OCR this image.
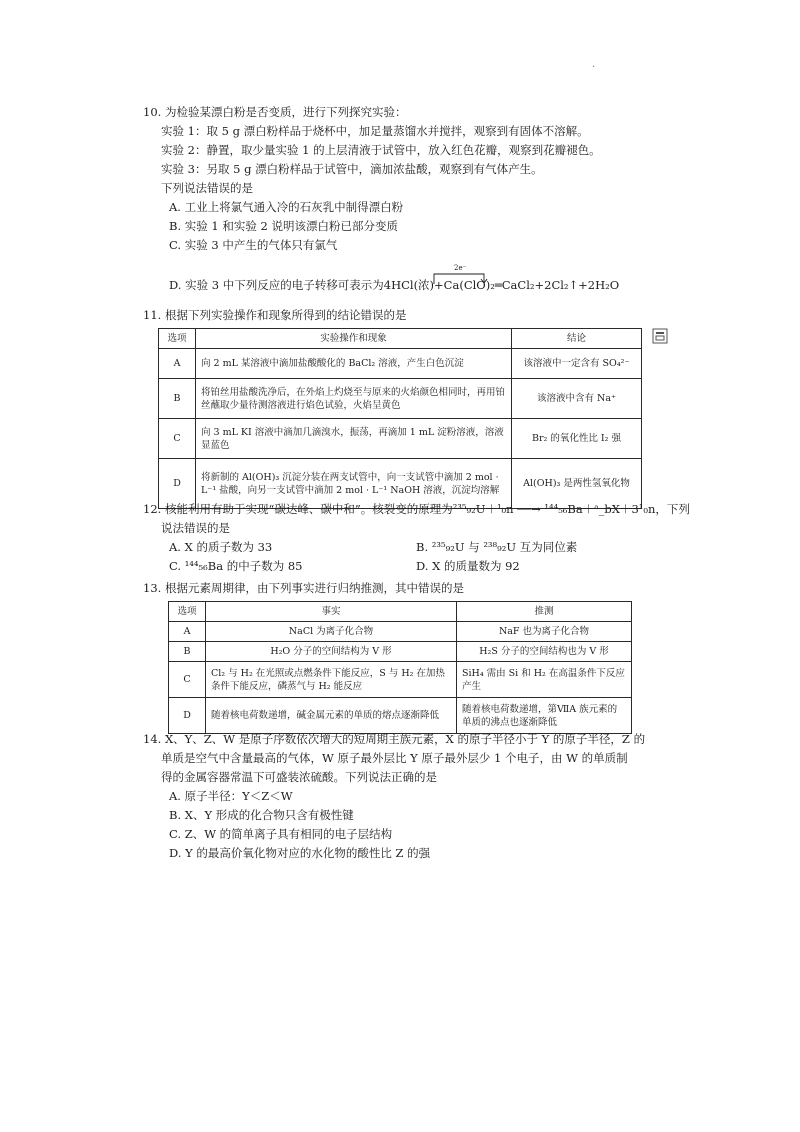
·
10. 为检验某漂白粉是否变质，进行下列探究实验：
实验 1：取 5 g 漂白粉样品于烧杯中，加足量蒸馏水并搅拌，观察到有固体不溶解。
实验 2：静置，取少量实验 1 的上层清液于试管中，放入红色花瓣，观察到花瓣褪色。
实验 3：另取 5 g 漂白粉样品于试管中，滴加浓盐酸，观察到有气体产生。
下列说法错误的是
A. 工业上将氯气通入冷的石灰乳中制得漂白粉
B. 实验 1 和实验 2 说明该漂白粉已部分变质
C. 实验 3 中产生的气体只有氯气
D. 实验 3 中下列反应的电子转移可表示为4HCl(浓)+Ca(ClO)₂═CaCl₂+2Cl₂↑+2H₂O
2e⁻
11. 根据下列实验操作和现象所得到的结论错误的是
选项	实验操作和现象	结论
A	向 2 mL 某溶液中滴加盐酸酸化的 BaCl₂ 溶液，产生白色沉淀	该溶液中一定含有 SO₄²⁻
B	将铂丝用盐酸洗净后，在外焰上灼烧至与原来的火焰颜色相同时，再用铂丝蘸取少量待测溶液进行焰色试验，火焰呈黄色	该溶液中含有 Na⁺
C	向 3 mL KI 溶液中滴加几滴溴水，振荡，再滴加 1 mL 淀粉溶液，溶液显蓝色	Br₂ 的氧化性比 I₂ 强
D	将新制的 Al(OH)₃ 沉淀分装在两支试管中，向一支试管中滴加 2 mol · L⁻¹ 盐酸，向另一支试管中滴加 2 mol · L⁻¹ NaOH 溶液，沉淀均溶解	Al(OH)₃ 是两性氢氧化物
12. 核能利用有助于实现“碳达峰、碳中和”。核裂变的原理为²³⁵₉₂U＋¹₀n ──→ ¹⁴⁴₅₆Ba＋ᵃ_bX＋3¹₀n，下列
说法错误的是
A. X 的质子数为 33	B. ²³⁵₉₂U 与 ²³⁸₉₂U 互为同位素
C. ¹⁴⁴₅₆Ba 的中子数为 85	D. X 的质量数为 92
13. 根据元素周期律，由下列事实进行归纳推测，其中错误的是
选项	事实	推测
A	NaCl 为离子化合物	NaF 也为离子化合物
B	H₂O 分子的空间结构为 V 形	H₂S 分子的空间结构也为 V 形
C	Cl₂ 与 H₂ 在光照或点燃条件下能反应，S 与 H₂ 在加热条件下能反应，磷蒸气与 H₂ 能反应	SiH₄ 需由 Si 和 H₂ 在高温条件下反应产生
D	随着核电荷数递增，碱金属元素的单质的熔点逐渐降低	随着核电荷数递增，第ⅦA 族元素的单质的沸点也逐渐降低
14. X、Y、Z、W 是原子序数依次增大的短周期主族元素，X 的原子半径小于 Y 的原子半径，Z 的
单质是空气中含量最高的气体，W 原子最外层比 Y 原子最外层少 1 个电子，由 W 的单质制
得的金属容器常温下可盛装浓硫酸。下列说法正确的是
A. 原子半径：Y＜Z＜W
B. X、Y 形成的化合物只含有极性键
C. Z、W 的简单离子具有相同的电子层结构
D. Y 的最高价氧化物对应的水化物的酸性比 Z 的强
